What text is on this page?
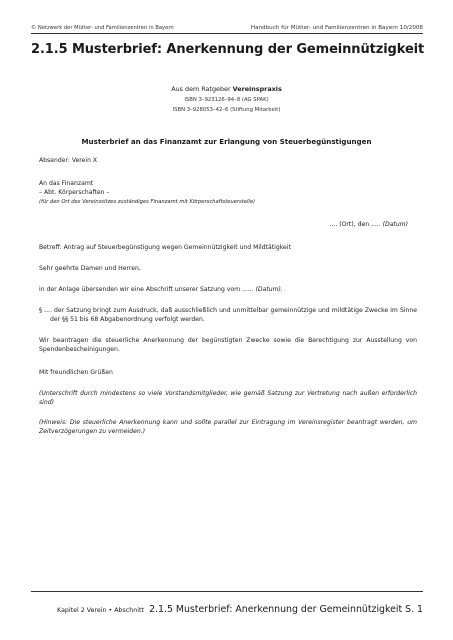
© Netzwerk der Mütter- und Familienzentren in Bayern	Handbuch für Mütter- und Familienzentren in Bayern 10/2008
2.1.5 Musterbrief: Anerkennung der Gemeinnützigkeit
Aus dem Ratgeber Vereinspraxis
ISBN 3–923126–94–8 (AG SPAK)
ISBN 3–928053–42–6 (Stiftung Mitarbeit)
Musterbrief an das Finanzamt zur Erlangung von Steuerbegünstigungen
Absender: Verein X
An das Finanzamt
– Abt. Körperschaften –
(für den Ort des Vereinssitzes zuständiges Finanzamt mit Körperschaftsteuerstelle)
.... (Ort), den ..... (Datum)
Betreff: Antrag auf Steuerbegünstigung wegen Gemeinnützigkeit und Mildtätigkeit
Sehr geehrte Damen und Herren,
in der Anlage übersenden wir eine Abschrift unserer Satzung vom ...... (Datum).
§ .... der Satzung bringt zum Ausdruck, daß ausschließlich und unmittelbar gemeinnützige und mildtätige Zwecke im Sinne der §§ 51 bis 68 Abgabenordnung verfolgt werden.
Wir beantragen die steuerliche Anerkennung der begünstigten Zwecke sowie die Berechtigung zur Ausstellung von Spendenbescheinigungen.
Mit freundlichen Grüßen
(Unterschrift durch mindestens so viele Vorstandsmitglieder, wie gemäß Satzung zur Vertretung nach außen erforderlich sind)
(Hinweis: Die steuerliche Anerkennung kann und sollte parallel zur Eintragung im Vereinsregister beantragt werden, um Zeitverzögerungen zu vermeiden.)
Kapitel 2 Verein • Abschnitt 2.1.5 Musterbrief: Anerkennung der Gemeinnützigkeit S. 1
